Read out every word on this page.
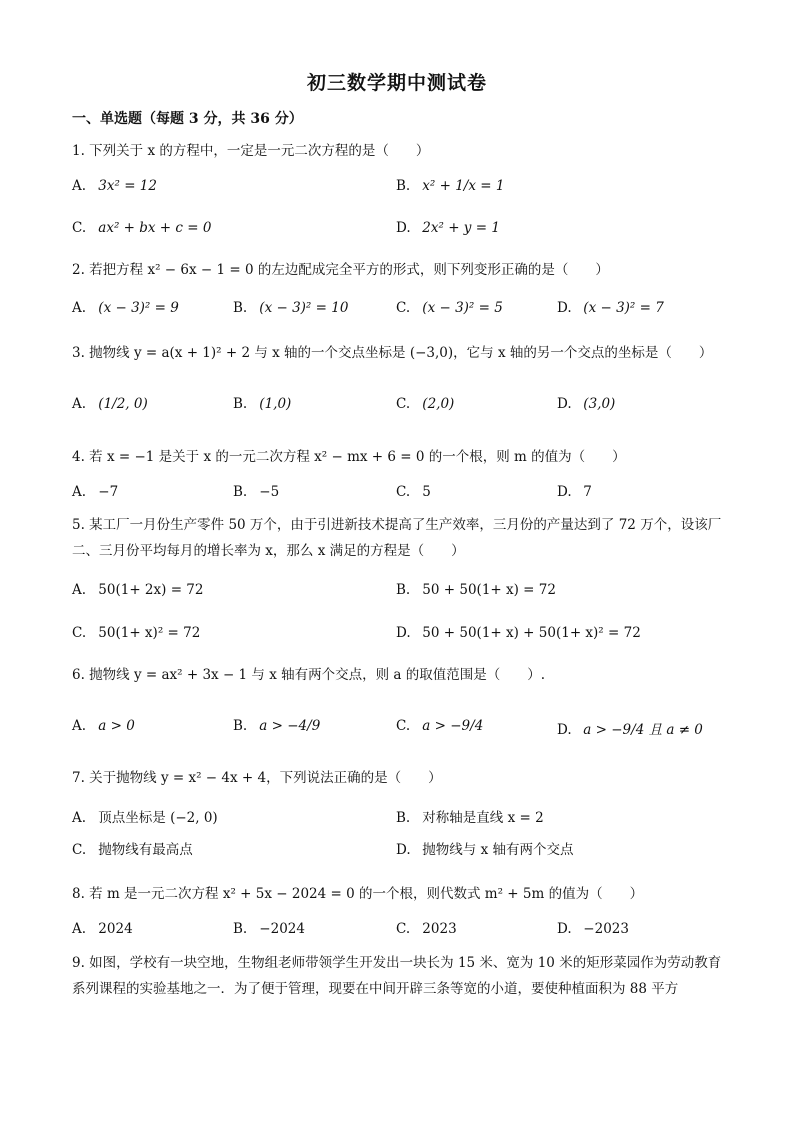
初三数学期中测试卷
一、单选题（每题 3 分，共 36 分）
1. 下列关于 x 的方程中，一定是一元二次方程的是（　　）
A. 3x² = 12	B. x² + 1/x = 1
C. ax² + bx + c = 0	D. 2x² + y = 1
2. 若把方程 x² − 6x − 1 = 0 的左边配成完全平方的形式，则下列变形正确的是（　　）
A. (x − 3)² = 9	B. (x − 3)² = 10	C. (x − 3)² = 5	D. (x − 3)² = 7
3. 抛物线 y = a(x + 1)² + 2 与 x 轴的一个交点坐标是 (−3,0)，它与 x 轴的另一个交点的坐标是（　　）
A. (1/2, 0)	B. (1,0)	C. (2,0)	D. (3,0)
4. 若 x = −1 是关于 x 的一元二次方程 x² − mx + 6 = 0 的一个根，则 m 的值为（　　）
A. −7	B. −5	C. 5	D. 7
5. 某工厂一月份生产零件 50 万个，由于引进新技术提高了生产效率，三月份的产量达到了 72 万个，设该厂二、三月份平均每月的增长率为 x，那么 x 满足的方程是（　　）
A. 50(1+ 2x) = 72	B. 50 + 50(1+ x) = 72
C. 50(1+ x)² = 72	D. 50 + 50(1+ x) + 50(1+ x)² = 72
6. 抛物线 y = ax² + 3x − 1 与 x 轴有两个交点，则 a 的取值范围是（　　）.
A. a > 0	B. a > −4/9	C. a > −9/4	D. a > −9/4 且 a ≠ 0
7. 关于抛物线 y = x² − 4x + 4，下列说法正确的是（　　）
A. 顶点坐标是 (−2, 0)	B. 对称轴是直线 x = 2
C. 抛物线有最高点	D. 抛物线与 x 轴有两个交点
8. 若 m 是一元二次方程 x² + 5x − 2024 = 0 的一个根，则代数式 m² + 5m 的值为（　　）
A. 2024	B. −2024	C. 2023	D. −2023
9. 如图，学校有一块空地，生物组老师带领学生开发出一块长为 15 米、宽为 10 米的矩形菜园作为劳动教育系列课程的实验基地之一．为了便于管理，现要在中间开辟三条等宽的小道，要使种植面积为 88 平方
